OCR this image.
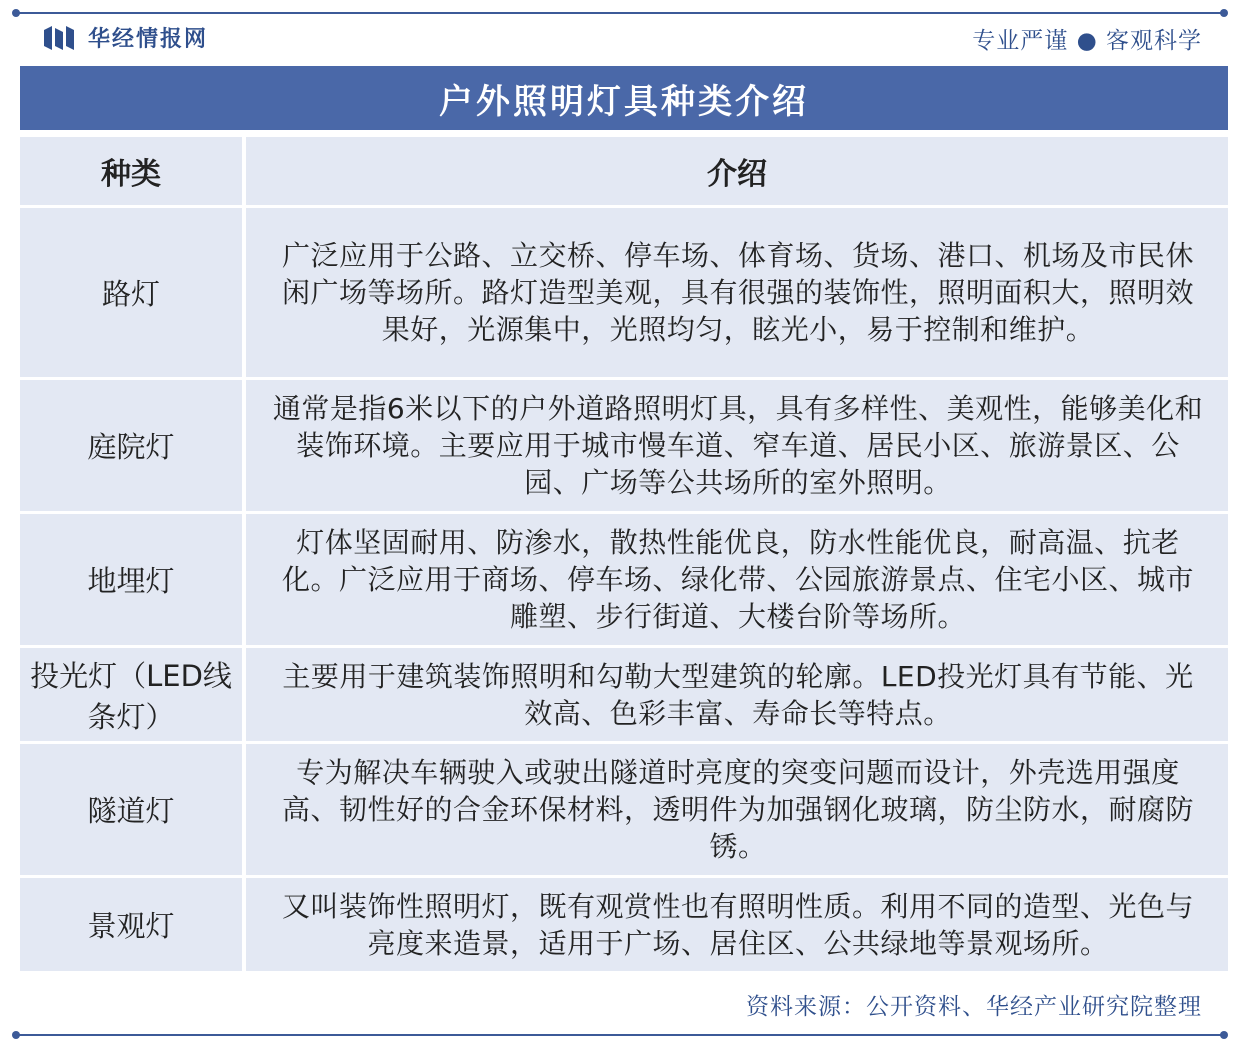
华经情报网	专业严谨 ● 客观科学
户外照明灯具种类介绍
种类	介绍
路灯	广泛应用于公路、立交桥、停车场、体育场、货场、港口、机场及市民休闲广场等场所。路灯造型美观，具有很强的装饰性，照明面积大，照明效果好，光源集中，光照均匀，眩光小，易于控制和维护。
庭院灯	通常是指6米以下的户外道路照明灯具，具有多样性、美观性，能够美化和装饰环境。主要应用于城市慢车道、窄车道、居民小区、旅游景区、公园、广场等公共场所的室外照明。
地埋灯	灯体坚固耐用、防渗水，散热性能优良，防水性能优良，耐高温、抗老化。广泛应用于商场、停车场、绿化带、公园旅游景点、住宅小区、城市雕塑、步行街道、大楼台阶等场所。
投光灯（LED线条灯）	主要用于建筑装饰照明和勾勒大型建筑的轮廓。LED投光灯具有节能、光效高、色彩丰富、寿命长等特点。
隧道灯	专为解决车辆驶入或驶出隧道时亮度的突变问题而设计，外壳选用强度高、韧性好的合金环保材料，透明件为加强钢化玻璃，防尘防水，耐腐防锈。
景观灯	又叫装饰性照明灯，既有观赏性也有照明性质。利用不同的造型、光色与亮度来造景，适用于广场、居住区、公共绿地等景观场所。
资料来源：公开资料、华经产业研究院整理
